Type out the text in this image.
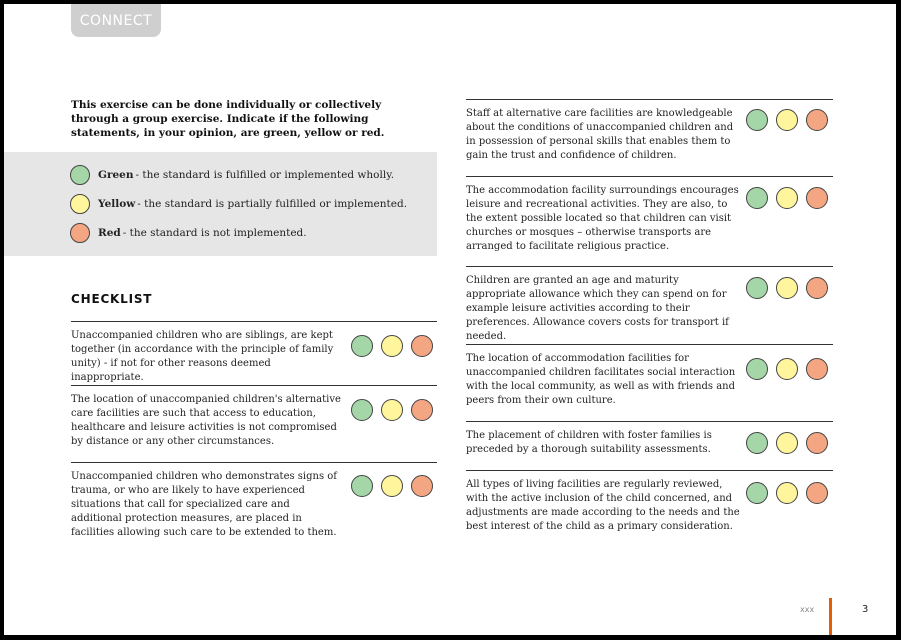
CONNECT
This exercise can be done individually or collectively through a group exercise. Indicate if the following statements, in your opinion, are green, yellow or red.
Green - the standard is fulfilled or implemented wholly.
Yellow - the standard is partially fulfilled or implemented.
Red - the standard is not implemented.
CHECKLIST
Unaccompanied children who are siblings, are kept together (in accordance with the principle of family unity) - if not for other reasons deemed inappropriate.
The location of unaccompanied children's alternative care facilities are such that access to education, healthcare and leisure activities is not compromised by distance or any other circumstances.
Unaccompanied children who demonstrates signs of trauma, or who are likely to have experienced situations that call for specialized care and additional protection measures, are placed in facilities allowing such care to be extended to them.
Staff at alternative care facilities are knowledgeable about the conditions of unaccompanied children and in possession of personal skills that enables them to gain the trust and confidence of children.
The accommodation facility surroundings encourages leisure and recreational activities. They are also, to the extent possible located so that children can visit churches or mosques – otherwise transports are arranged to facilitate religious practice.
Children are granted an age and maturity appropriate allowance which they can spend on for example leisure activities according to their preferences. Allowance covers costs for transport if needed.
The location of accommodation facilities for unaccompanied children facilitates social interaction with the local community, as well as with friends and peers from their own culture.
The placement of children with foster families is preceded by a thorough suitability assessments.
All types of living facilities are regularly reviewed, with the active inclusion of the child concerned, and adjustments are made according to the needs and the best interest of the child as a primary consideration.
xxx	3
